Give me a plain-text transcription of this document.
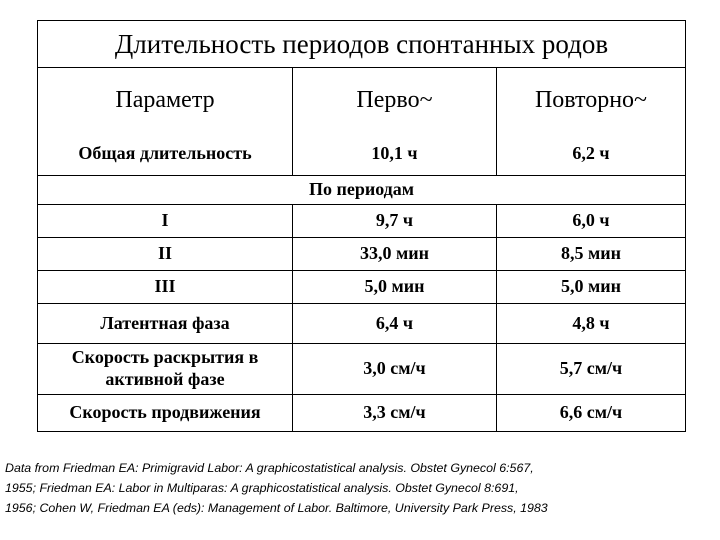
Длительность периодов спонтанных родов		
Параметр	Перво~	Повторно~
Общая длительность	10,1 ч	6,2 ч
По периодам		
I	9,7 ч	6,0 ч
II	33,0 мин	8,5 мин
III	5,0 мин	5,0 мин
Латентная фаза	6,4 ч	4,8 ч
Скорость раскрытия в
активной фазе	3,0 см/ч	5,7 см/ч
Скорость продвижения	3,3 см/ч	6,6 см/ч
Data from Friedman EA: Primigravid Labor: A graphicostatistical analysis. Obstet Gynecol 6:567,
1955; Friedman EA: Labor in Multiparas: A graphicostatistical analysis. Obstet Gynecol 8:691,
1956; Cohen W, Friedman EA (eds): Management of Labor. Baltimore, University Park Press, 1983
